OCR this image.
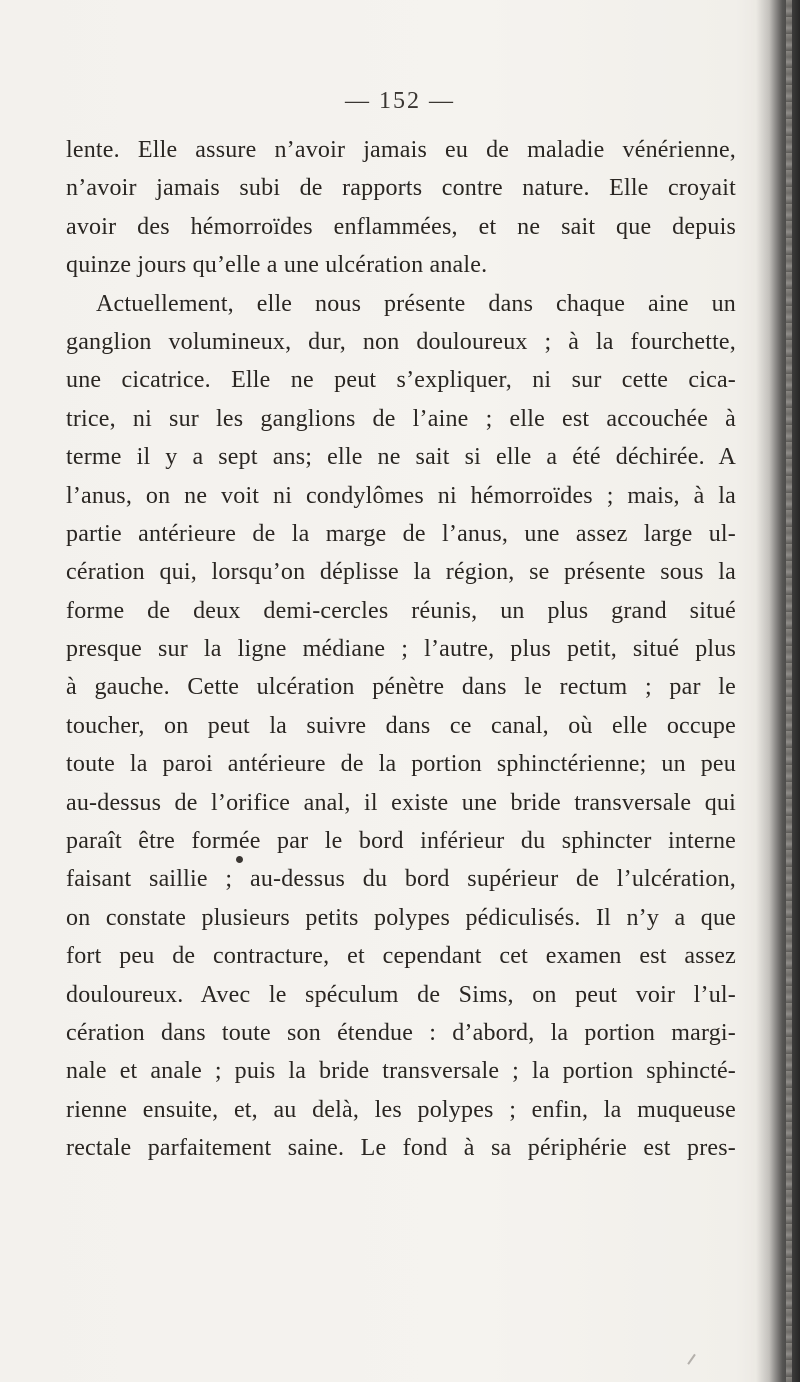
— 152 —
lente. Elle assure n’avoir jamais eu de maladie vénérienne,
n’avoir jamais subi de rapports contre nature. Elle croyait
avoir des hémorroïdes enflammées, et ne sait que depuis
quinze jours qu’elle a une ulcération anale.
Actuellement, elle nous présente dans chaque aine un
ganglion volumineux, dur, non douloureux ; à la fourchette,
une cicatrice. Elle ne peut s’expliquer, ni sur cette cica-
trice, ni sur les ganglions de l’aine ; elle est accouchée à
terme il y a sept ans; elle ne sait si elle a été déchirée. A
l’anus, on ne voit ni condylômes ni hémorroïdes ; mais, à la
partie antérieure de la marge de l’anus, une assez large ul-
cération qui, lorsqu’on déplisse la région, se présente sous la
forme de deux demi-cercles réunis, un plus grand situé
presque sur la ligne médiane ; l’autre, plus petit, situé plus
à gauche. Cette ulcération pénètre dans le rectum ; par le
toucher, on peut la suivre dans ce canal, où elle occupe
toute la paroi antérieure de la portion sphinctérienne; un peu
au-dessus de l’orifice anal, il existe une bride transversale qui
paraît être formée par le bord inférieur du sphincter interne
faisant saillie ; au-dessus du bord supérieur de l’ulcération,
on constate plusieurs petits polypes pédiculisés. Il n’y a que
fort peu de contracture, et cependant cet examen est assez
douloureux. Avec le spéculum de Sims, on peut voir l’ul-
cération dans toute son étendue : d’abord, la portion margi-
nale et anale ; puis la bride transversale ; la portion sphincté-
rienne ensuite, et, au delà, les polypes ; enfin, la muqueuse
rectale parfaitement saine. Le fond à sa périphérie est pres-
